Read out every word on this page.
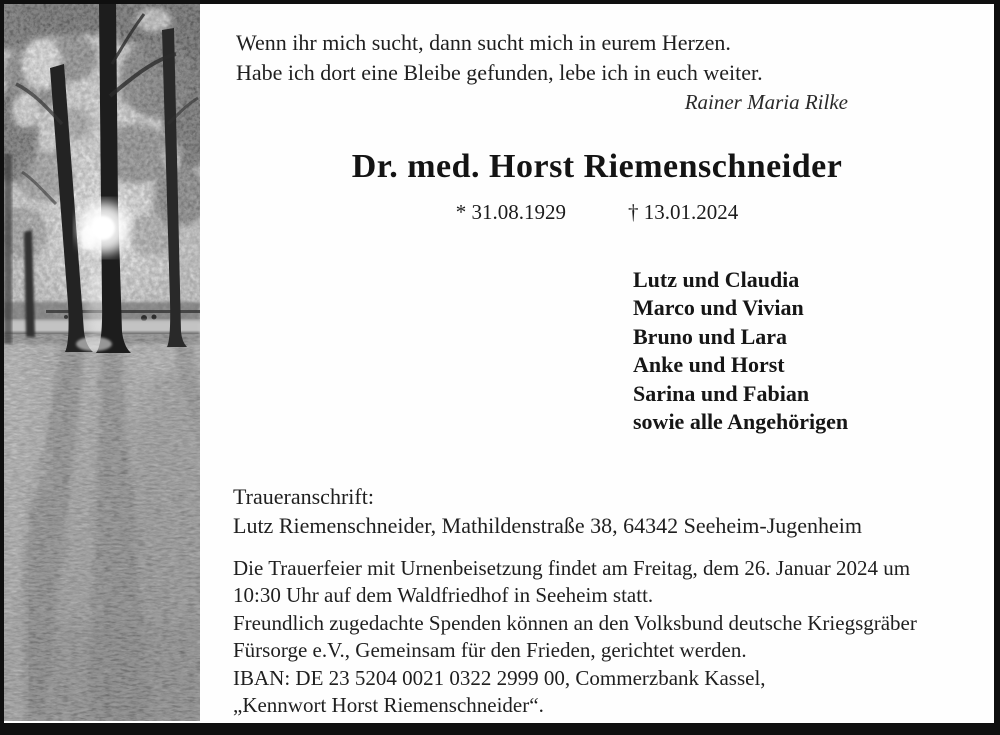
Wenn ihr mich sucht, dann sucht mich in eurem Herzen.
Habe ich dort eine Bleibe gefunden, lebe ich in euch weiter.
Rainer Maria Rilke
Dr. med. Horst Riemenschneider
* 31.08.1929	† 13.01.2024
Lutz und Claudia
Marco und Vivian
Bruno und Lara
Anke und Horst
Sarina und Fabian
sowie alle Angehörigen
Traueranschrift:
Lutz Riemenschneider, Mathildenstraße 38, 64342 Seeheim-Jugenheim
Die Trauerfeier mit Urnenbeisetzung findet am Freitag, dem 26. Januar 2024 um
10:30 Uhr auf dem Waldfriedhof in Seeheim statt.
Freundlich zugedachte Spenden können an den Volksbund deutsche Kriegsgräber
Fürsorge e.V., Gemeinsam für den Frieden, gerichtet werden.
IBAN: DE 23 5204 0021 0322 2999 00, Commerzbank Kassel,
„Kennwort Horst Riemenschneider“.
